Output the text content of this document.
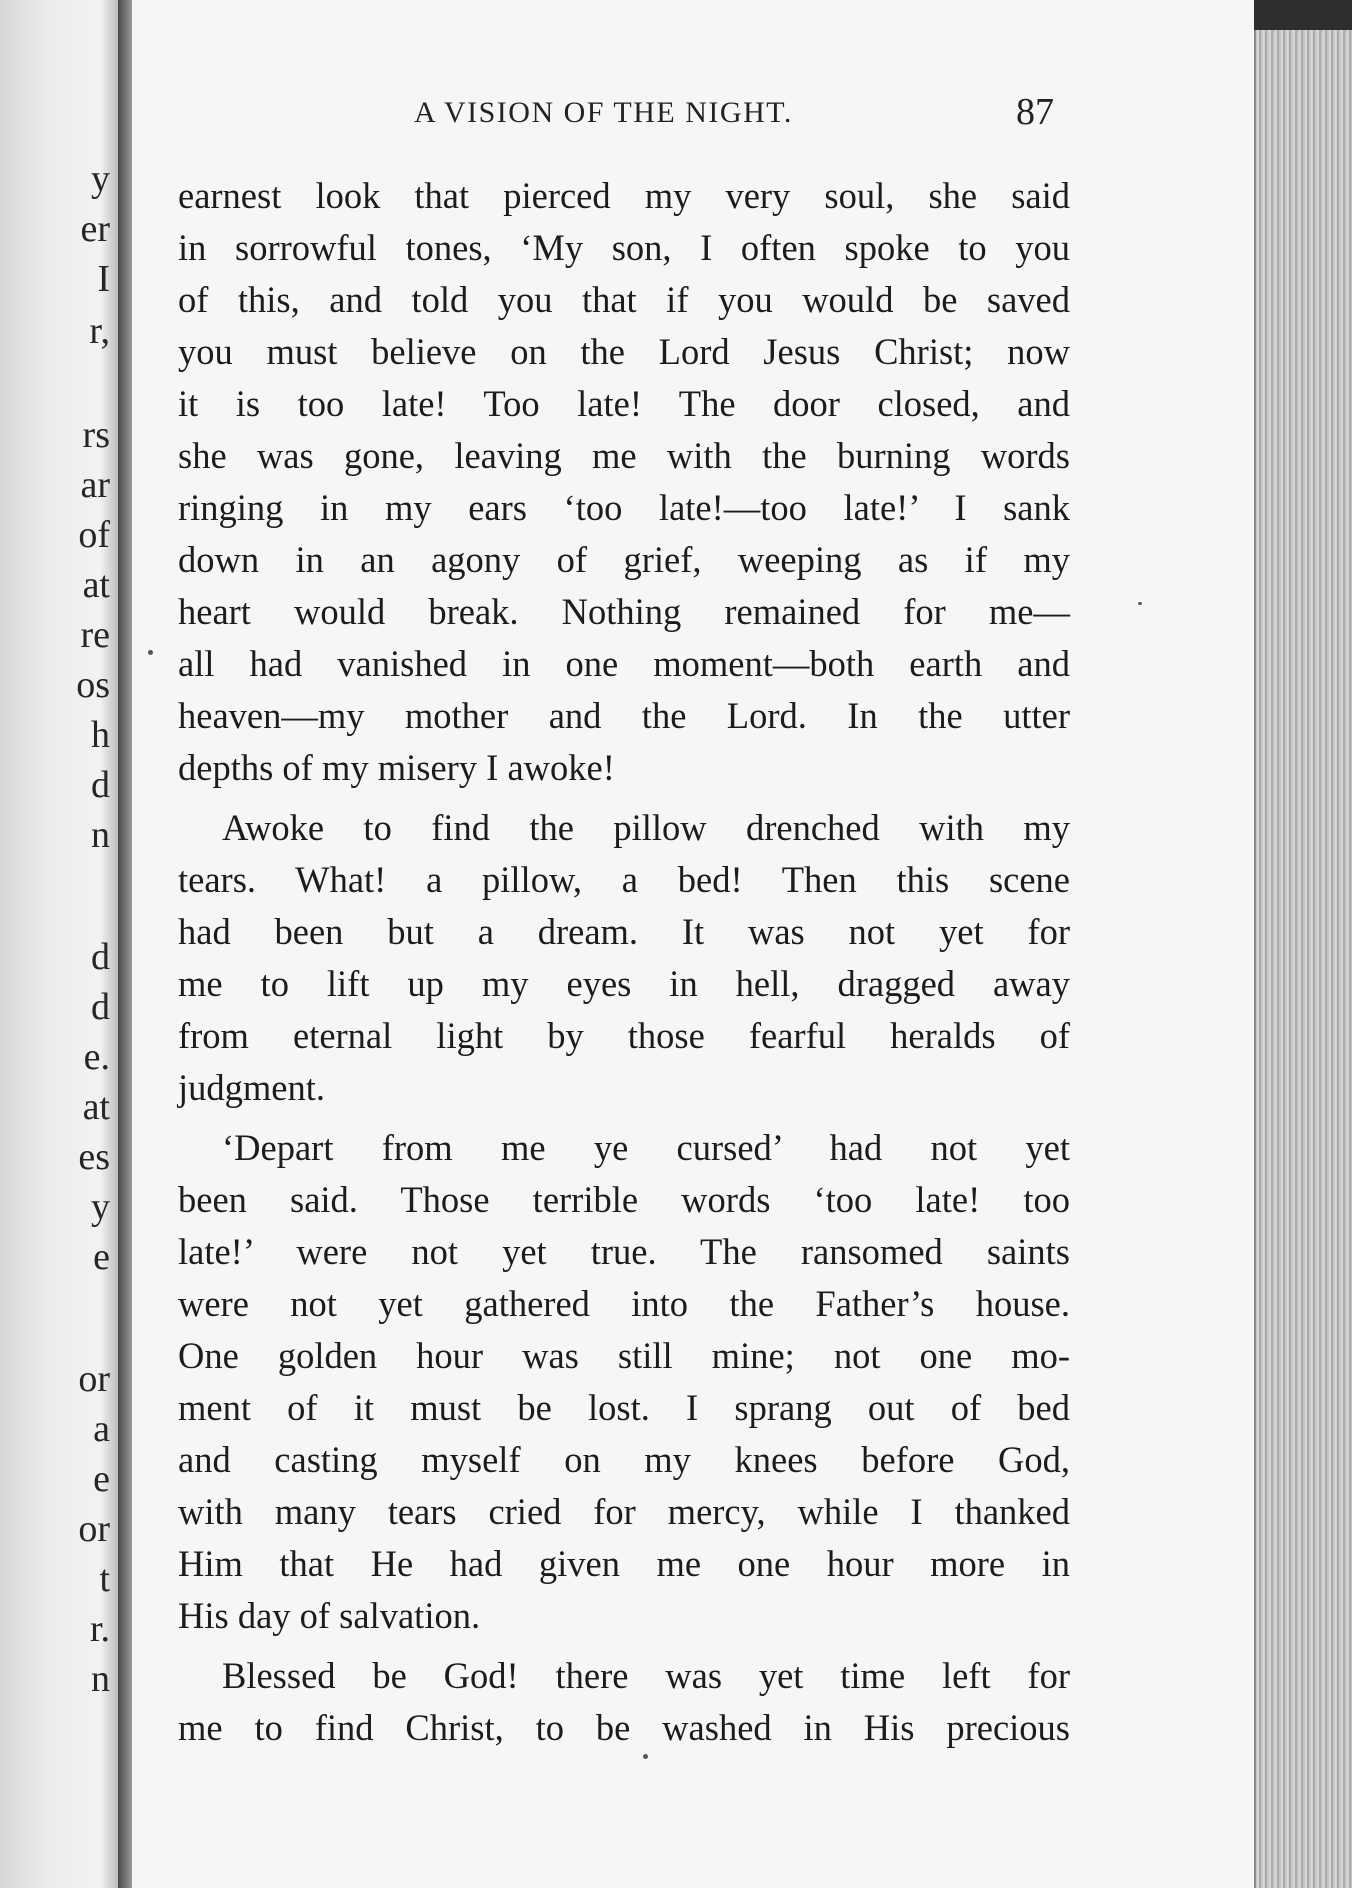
y
er
I
r,
rs
ar
of
at
re
os
h
d
n
d
d
e.
at
es
y
e
or
a
e
or
t
r.
n
A VISION OF THE NIGHT.	87
earnest look that pierced my very soul, she said
in sorrowful tones, ‘My son, I often spoke to you
of this, and told you that if you would be saved
you must believe on the Lord Jesus Christ; now
it is too late! Too late! The door closed, and
she was gone, leaving me with the burning words
ringing in my ears ‘too late!—too late!’ I sank
down in an agony of grief, weeping as if my
heart would break. Nothing remained for me—
all had vanished in one moment—both earth and
heaven—my mother and the Lord. In the utter
depths of my misery I awoke!
Awoke to find the pillow drenched with my
tears. What! a pillow, a bed! Then this scene
had been but a dream. It was not yet for
me to lift up my eyes in hell, dragged away
from eternal light by those fearful heralds of
judgment.
‘Depart from me ye cursed’ had not yet
been said. Those terrible words ‘too late! too
late!’ were not yet true. The ransomed saints
were not yet gathered into the Father’s house.
One golden hour was still mine; not one mo-
ment of it must be lost. I sprang out of bed
and casting myself on my knees before God,
with many tears cried for mercy, while I thanked
Him that He had given me one hour more in
His day of salvation.
Blessed be God! there was yet time left for
me to find Christ, to be washed in His precious
